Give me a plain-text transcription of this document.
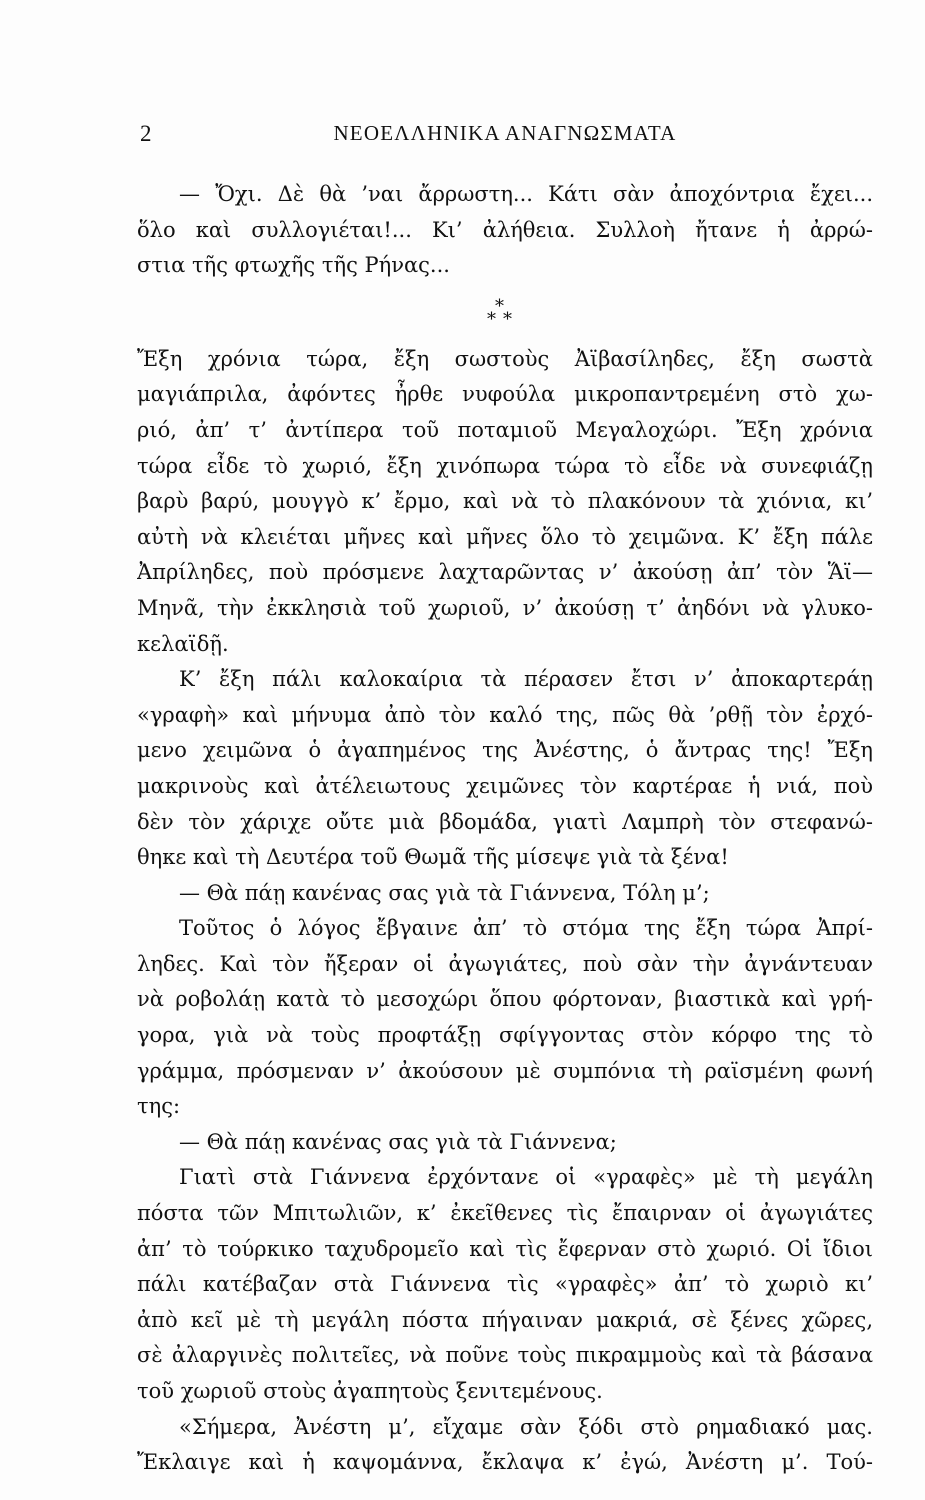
2	ΝΕΟΕΛΛΗΝΙΚΑ ΑΝΑΓΝΩΣΜΑΤΑ
— Ὄχι. Δὲ θὰ ’ναι ἄρρωστη... Κάτι σὰν ἀποχόντρια ἔχει...
ὅλο καὶ συλλογιέται!... Κι’ ἀλήθεια. Συλλοὴ ἤτανε ἡ ἀρρώ-
στια τῆς φτωχῆς τῆς Ρήνας...
*
* *
Ἔξη χρόνια τώρα, ἔξη σωστοὺς Ἀϊβασίληδες, ἔξη σωστὰ
μαγιάπριλα, ἀφόντες ἦρθε νυφούλα μικροπαντρεμένη στὸ χω-
ριό, ἀπ’ τ’ ἀντίπερα τοῦ ποταμιοῦ Μεγαλοχώρι. Ἔξη χρόνια
τώρα εἶδε τὸ χωριό, ἔξη χινόπωρα τώρα τὸ εἶδε νὰ συνεφιάζῃ
βαρὺ βαρύ, μουγγὸ κ’ ἔρμο, καὶ νὰ τὸ πλακόνουν τὰ χιόνια, κι’
αὐτὴ νὰ κλειέται μῆνες καὶ μῆνες ὅλο τὸ χειμῶνα. Κ’ ἔξη πάλε
Ἀπρίληδες, ποὺ πρόσμενε λαχταρῶντας ν’ ἀκούσῃ ἀπ’ τὸν Ἅϊ—
Μηνᾶ, τὴν ἐκκλησιὰ τοῦ χωριοῦ, ν’ ἀκούσῃ τ’ ἀηδόνι νὰ γλυκο-
κελαϊδῇ.
Κ’ ἔξη πάλι καλοκαίρια τὰ πέρασεν ἔτσι ν’ ἀποκαρτεράῃ
«γραφὴ» καὶ μήνυμα ἀπὸ τὸν καλό της, πῶς θὰ ’ρθῇ τὸν ἐρχό-
μενο χειμῶνα ὁ ἀγαπημένος της Ἀνέστης, ὁ ἄντρας της! Ἔξη
μακρινοὺς καὶ ἀτέλειωτους χειμῶνες τὸν καρτέραε ἡ νιά, ποὺ
δὲν τὸν χάριχε οὔτε μιὰ βδομάδα, γιατὶ Λαμπρὴ τὸν στεφανώ-
θηκε καὶ τὴ Δευτέρα τοῦ Θωμᾶ τῆς μίσεψε γιὰ τὰ ξένα!
— Θὰ πάῃ κανένας σας γιὰ τὰ Γιάννενα, Τόλη μ’;
Τοῦτος ὁ λόγος ἔβγαινε ἀπ’ τὸ στόμα της ἔξη τώρα Ἀπρί-
ληδες. Καὶ τὸν ἤξεραν οἱ ἀγωγιάτες, ποὺ σὰν τὴν ἀγνάντευαν
νὰ ροβολάῃ κατὰ τὸ μεσοχώρι ὅπου φόρτοναν, βιαστικὰ καὶ γρή-
γορα, γιὰ νὰ τοὺς προφτάξῃ σφίγγοντας στὸν κόρφο της τὸ
γράμμα, πρόσμεναν ν’ ἀκούσουν μὲ συμπόνια τὴ ραϊσμένη φωνή
της:
— Θὰ πάῃ κανένας σας γιὰ τὰ Γιάννενα;
Γιατὶ στὰ Γιάννενα ἐρχόντανε οἱ «γραφὲς» μὲ τὴ μεγάλη
πόστα τῶν Μπιτωλιῶν, κ’ ἐκεῖθενες τὶς ἔπαιρναν οἱ ἀγωγιάτες
ἀπ’ τὸ τούρκικο ταχυδρομεῖο καὶ τὶς ἔφερναν στὸ χωριό. Οἱ ἴδιοι
πάλι κατέβαζαν στὰ Γιάννενα τὶς «γραφὲς» ἀπ’ τὸ χωριὸ κι’
ἀπὸ κεῖ μὲ τὴ μεγάλη πόστα πήγαιναν μακριά, σὲ ξένες χῶρες,
σὲ ἀλαργινὲς πολιτεῖες, νὰ ποῦνε τοὺς πικραμμοὺς καὶ τὰ βάσανα
τοῦ χωριοῦ στοὺς ἀγαπητοὺς ξενιτεμένους.
«Σήμερα, Ἀνέστη μ’, εἴχαμε σὰν ξόδι στὸ ρημαδιακό μας.
Ἔκλαιγε καὶ ἡ καψομάννα, ἔκλαψα κ’ ἐγώ, Ἀνέστη μ’. Τού-
